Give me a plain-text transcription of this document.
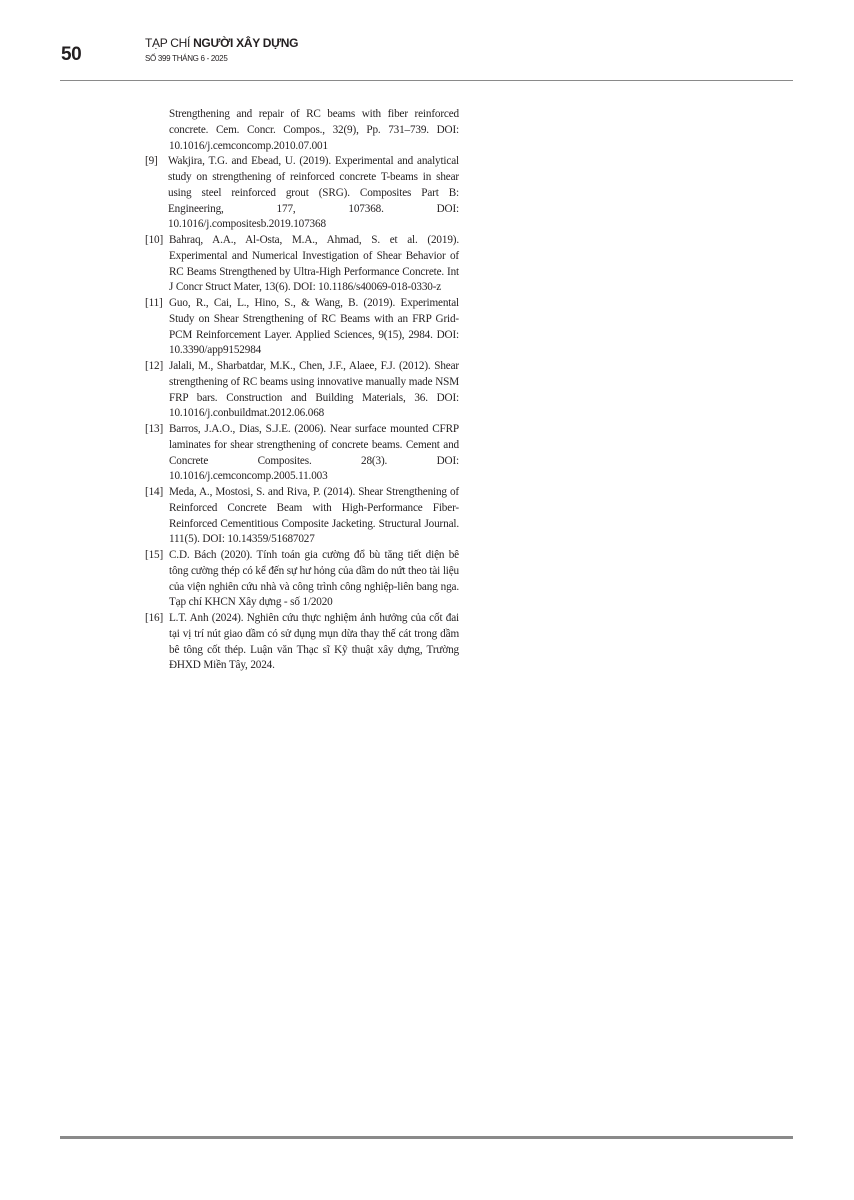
50
TẠP CHÍ NGƯỜI XÂY DỰNG
SỐ 399 THÁNG 6 - 2025
Strengthening and repair of RC beams with fiber reinforced concrete. Cem. Concr. Compos., 32(9), Pp. 731–739. DOI: 10.1016/j.cemconcomp.2010.07.001
[9] Wakjira, T.G. and Ebead, U. (2019). Experimental and analytical study on strengthening of reinforced concrete T-beams in shear using steel reinforced grout (SRG). Composites Part B: Engineering, 177, 107368. DOI: 10.1016/j.compositesb.2019.107368
[10] Bahraq, A.A., Al-Osta, M.A., Ahmad, S. et al. (2019). Experimental and Numerical Investigation of Shear Behavior of RC Beams Strengthened by Ultra-High Performance Concrete. Int J Concr Struct Mater, 13(6). DOI: 10.1186/s40069-018-0330-z
[11] Guo, R., Cai, L., Hino, S., & Wang, B. (2019). Experimental Study on Shear Strengthening of RC Beams with an FRP Grid-PCM Reinforcement Layer. Applied Sciences, 9(15), 2984. DOI: 10.3390/app9152984
[12] Jalali, M., Sharbatdar, M.K., Chen, J.F., Alaee, F.J. (2012). Shear strengthening of RC beams using innovative manually made NSM FRP bars. Construction and Building Materials, 36. DOI: 10.1016/j.conbuildmat.2012.06.068
[13] Barros, J.A.O., Dias, S.J.E. (2006). Near surface mounted CFRP laminates for shear strengthening of concrete beams. Cement and Concrete Composites. 28(3). DOI: 10.1016/j.cemconcomp.2005.11.003
[14] Meda, A., Mostosi, S. and Riva, P. (2014). Shear Strengthening of Reinforced Concrete Beam with High-Performance Fiber-Reinforced Cementitious Composite Jacketing. Structural Journal. 111(5). DOI: 10.14359/51687027
[15] C.D. Bách (2020). Tính toán gia cường đổ bù tăng tiết diện bê tông cường thép có kể đến sự hư hỏng của dầm do nứt theo tài liệu của viện nghiên cứu nhà và công trình công nghiệp-liên bang nga. Tạp chí KHCN Xây dựng - số 1/2020
[16] L.T. Anh (2024). Nghiên cứu thực nghiệm ảnh hưởng của cốt đai tại vị trí nút giao dầm có sử dụng mụn dừa thay thế cát trong dầm bê tông cốt thép. Luận văn Thạc sĩ Kỹ thuật xây dựng, Trường ĐHXD Miền Tây, 2024.
